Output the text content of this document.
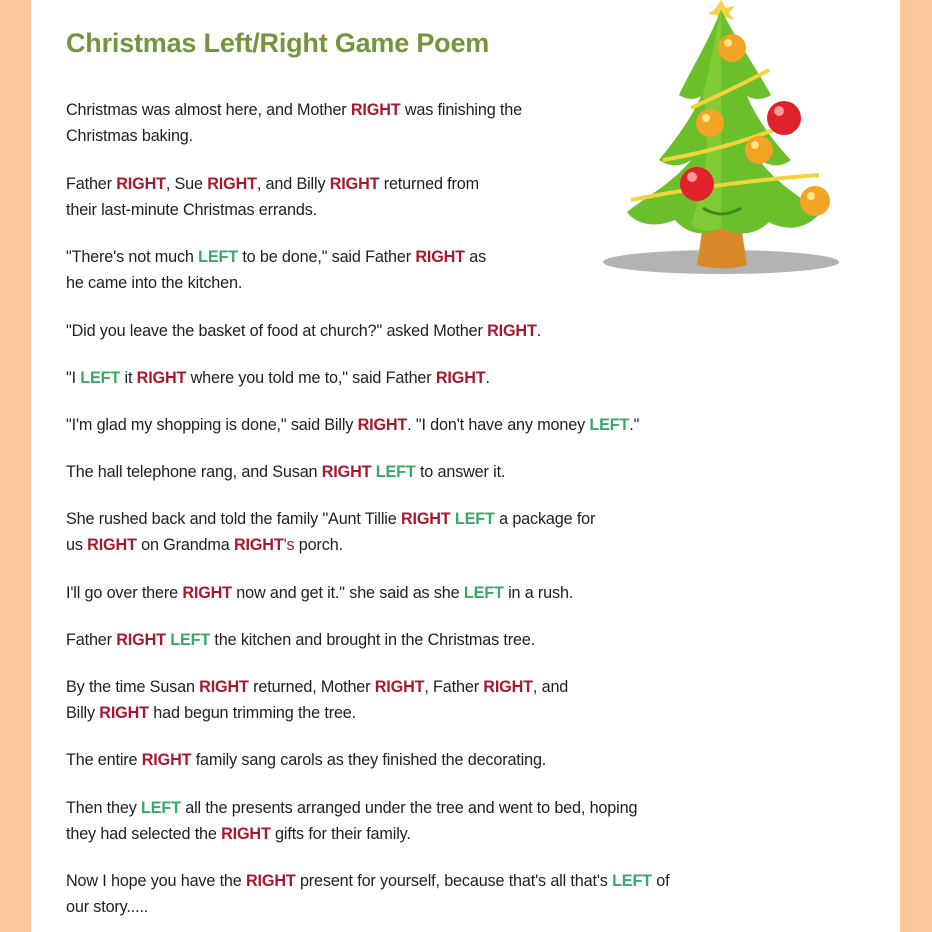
Christmas Left/Right Game Poem
Christmas was almost here, and Mother RIGHT was finishing the
Christmas baking.
Father RIGHT, Sue RIGHT, and Billy RIGHT returned from
their last-minute Christmas errands.
"There's not much LEFT to be done," said Father RIGHT as
he came into the kitchen.
"Did you leave the basket of food at church?" asked Mother RIGHT.
"I LEFT it RIGHT where you told me to," said Father RIGHT.
"I'm glad my shopping is done," said Billy RIGHT. "I don't have any money LEFT."
The hall telephone rang, and Susan RIGHT LEFT to answer it.
She rushed back and told the family "Aunt Tillie RIGHT LEFT a package for
us RIGHT on Grandma RIGHT's porch.
I'll go over there RIGHT now and get it." she said as she LEFT in a rush.
Father RIGHT LEFT the kitchen and brought in the Christmas tree.
By the time Susan RIGHT returned, Mother RIGHT, Father RIGHT, and
Billy RIGHT had begun trimming the tree.
The entire RIGHT family sang carols as they finished the decorating.
Then they LEFT all the presents arranged under the tree and went to bed, hoping
they had selected the RIGHT gifts for their family.
Now I hope you have the RIGHT present for yourself, because that's all that's LEFT of
our story.....
